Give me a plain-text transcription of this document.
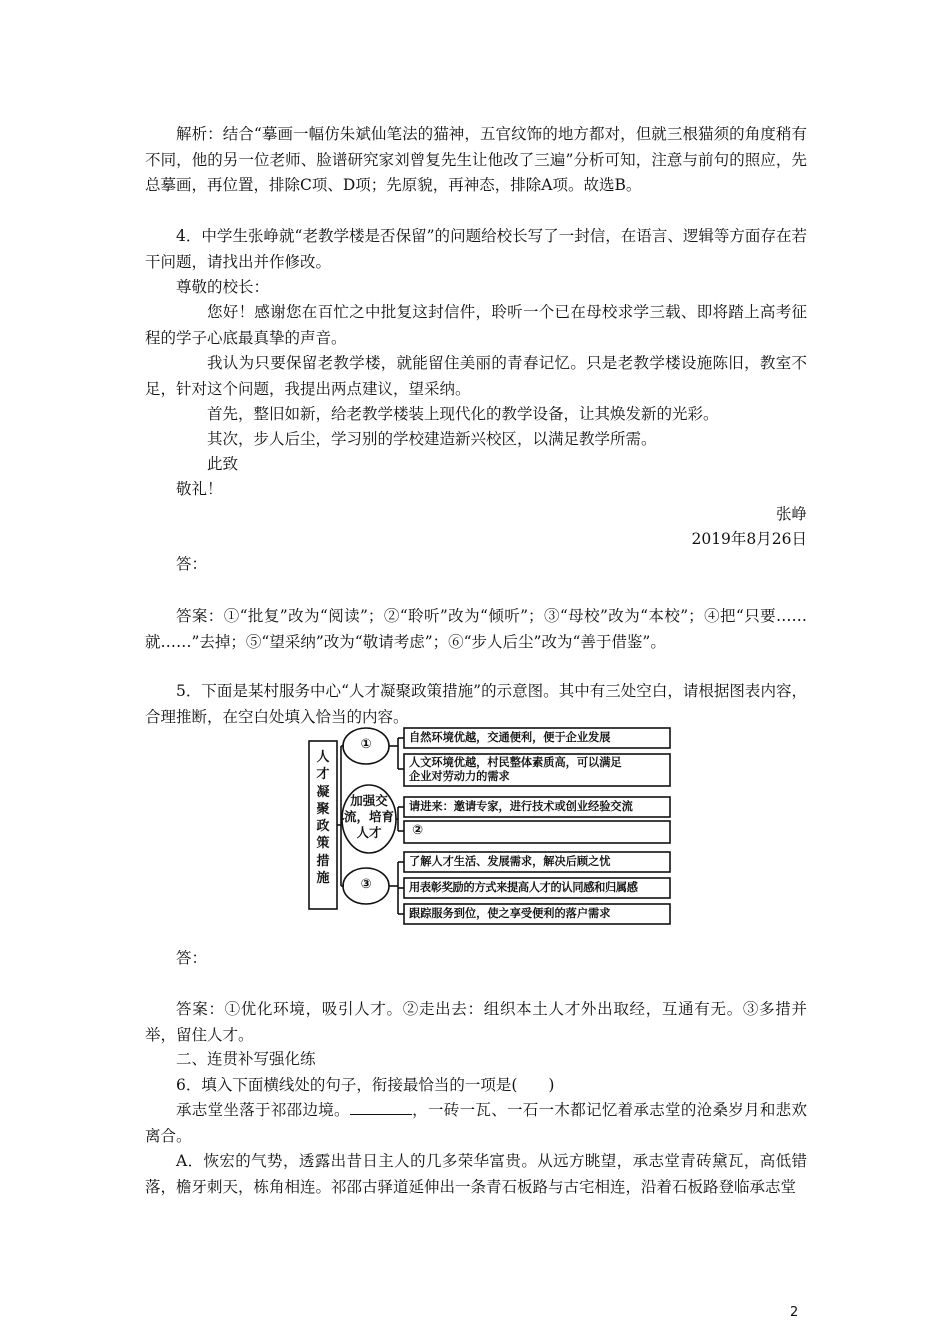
解析：结合“摹画一幅仿朱斌仙笔法的猫神，五官纹饰的地方都对，但就三根猫须的角度稍有不同，他的另一位老师、脸谱研究家刘曾复先生让他改了三遍”分析可知，注意与前句的照应，先总摹画，再位置，排除C项、D项；先原貌，再神态，排除A项。故选B。

4．中学生张峥就“老教学楼是否保留”的问题给校长写了一封信，在语言、逻辑等方面存在若干问题，请找出并作修改。

尊敬的校长：

您好！感谢您在百忙之中批复这封信件，聆听一个已在母校求学三载、即将踏上高考征程的学子心底最真挚的声音。

我认为只要保留老教学楼，就能留住美丽的青春记忆。只是老教学楼设施陈旧，教室不足，针对这个问题，我提出两点建议，望采纳。

首先，整旧如新，给老教学楼装上现代化的教学设备，让其焕发新的光彩。

其次，步人后尘，学习别的学校建造新兴校区，以满足教学所需。

此致

敬礼！

张峥

2019年8月26日

答：

答案：①“批复”改为“阅读”；②“聆听”改为“倾听”；③“母校”改为“本校”；④把“只要……就……”去掉；⑤“望采纳”改为“敬请考虑”；⑥“步人后尘”改为“善于借鉴”。

5．下面是某村服务中心“人才凝聚政策措施”的示意图。其中有三处空白，请根据图表内容，合理推断，在空白处填入恰当的内容。

人才凝聚政策措施
①
加强交流，培育人才
③
自然环境优越，交通便利，便于企业发展
人文环境优越，村民整体素质高，可以满足
企业对劳动力的需求
请进来：邀请专家，进行技术或创业经验交流
②
了解人才生活、发展需求，解决后顾之忧
用表彰奖励的方式来提高人才的认同感和归属感
跟踪服务到位，使之享受便利的落户需求

答：

答案：①优化环境，吸引人才。②走出去：组织本土人才外出取经，互通有无。③多措并举，留住人才。

二、连贯补写强化练

6．填入下面横线处的句子，衔接最恰当的一项是(　　)

承志堂坐落于祁邵边境。	，一砖一瓦、一石一木都记忆着承志堂的沧桑岁月和悲欢离合。

A．恢宏的气势，透露出昔日主人的几多荣华富贵。从远方眺望，承志堂青砖黛瓦，高低错落，檐牙刺天，栋角相连。祁邵古驿道延伸出一条青石板路与古宅相连，沿着石板路登临承志堂

2
